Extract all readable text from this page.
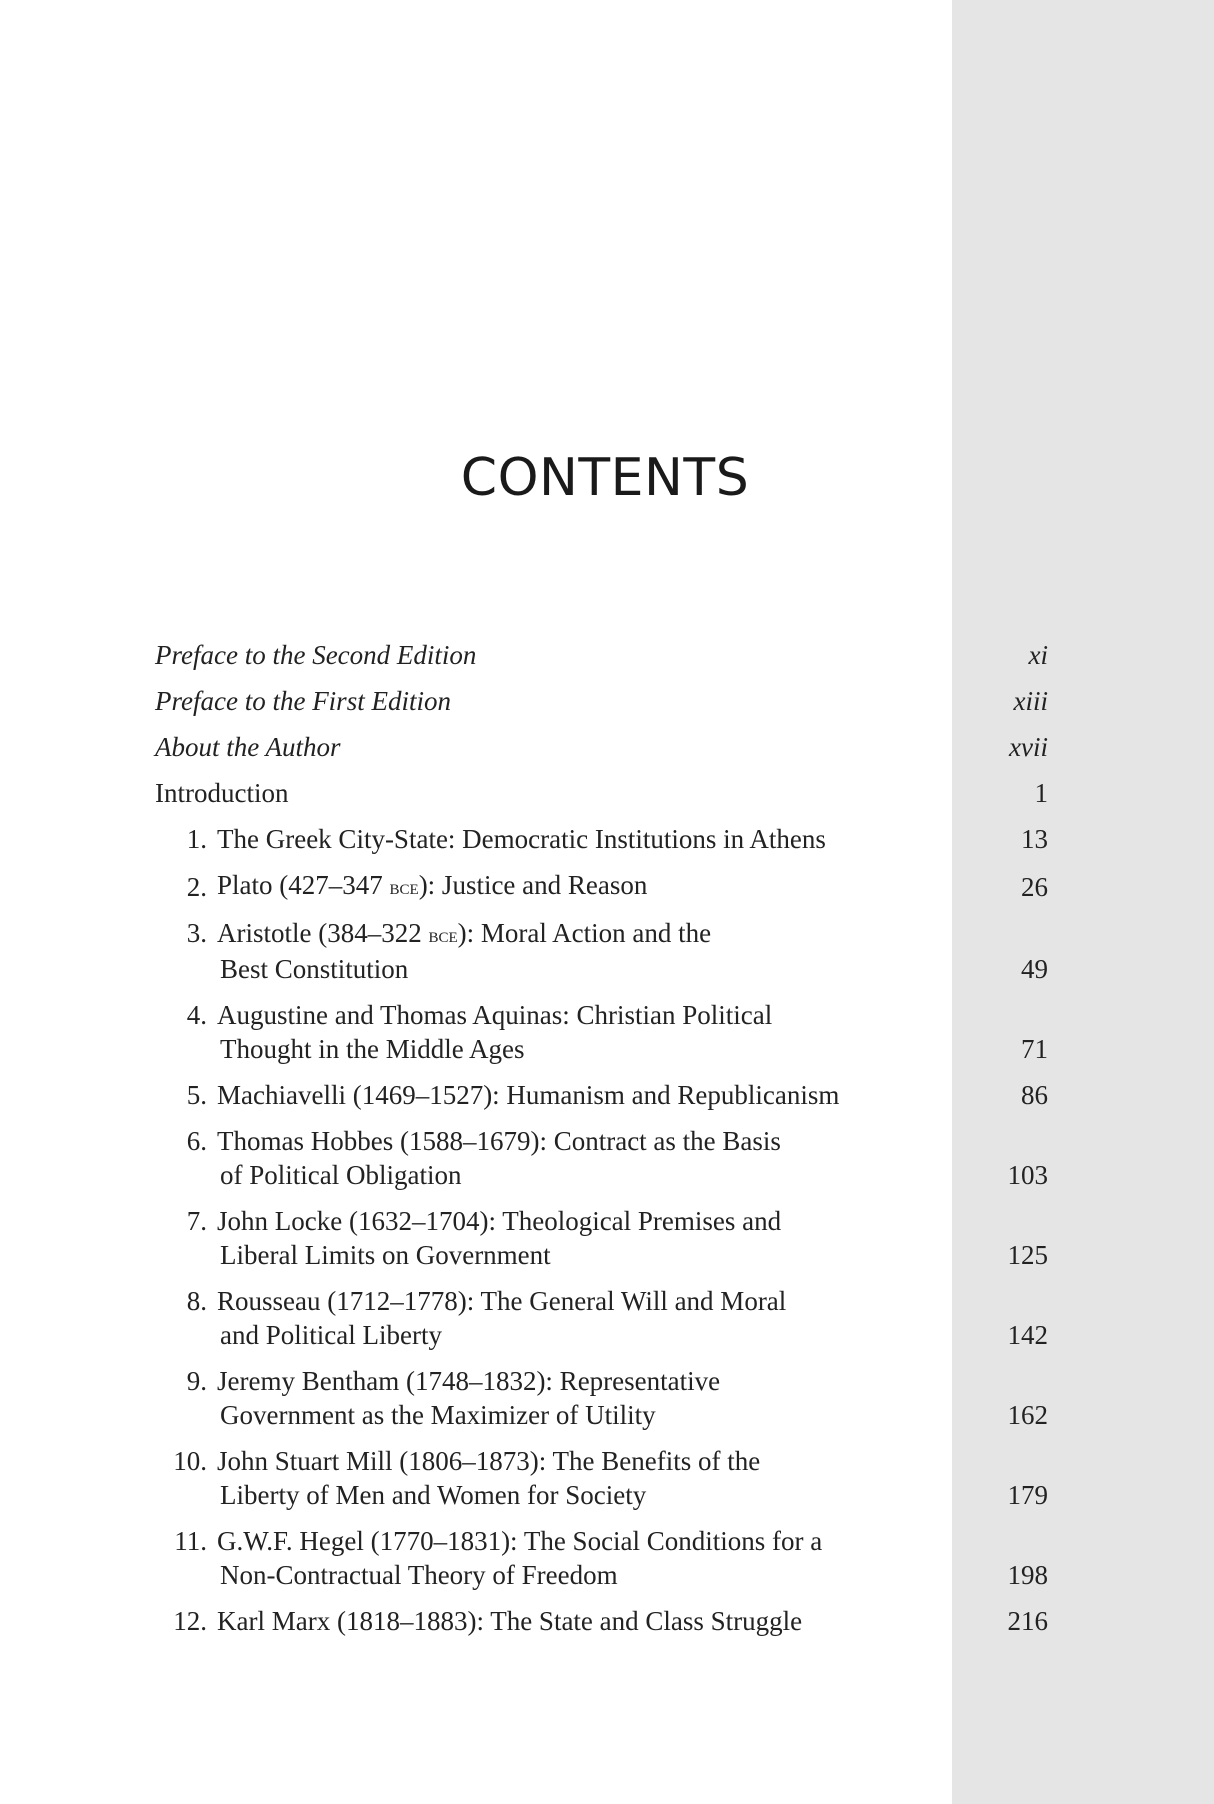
CONTENTS
Preface to the Second Edition	xi
Preface to the First Edition	xiii
About the Author	xvii
Introduction	1
1. The Greek City-State: Democratic Institutions in Athens	13
2. Plato (427–347 bce): Justice and Reason	26
3. Aristotle (384–322 bce): Moral Action and the
Best Constitution	49
4. Augustine and Thomas Aquinas: Christian Political
Thought in the Middle Ages	71
5. Machiavelli (1469–1527): Humanism and Republicanism	86
6. Thomas Hobbes (1588–1679): Contract as the Basis
of Political Obligation	103
7. John Locke (1632–1704): Theological Premises and
Liberal Limits on Government	125
8. Rousseau (1712–1778): The General Will and Moral
and Political Liberty	142
9. Jeremy Bentham (1748–1832): Representative
Government as the Maximizer of Utility	162
10. John Stuart Mill (1806–1873): The Benefits of the
Liberty of Men and Women for Society	179
11. G.W.F. Hegel (1770–1831): The Social Conditions for a
Non-Contractual Theory of Freedom	198
12. Karl Marx (1818–1883): The State and Class Struggle	216
